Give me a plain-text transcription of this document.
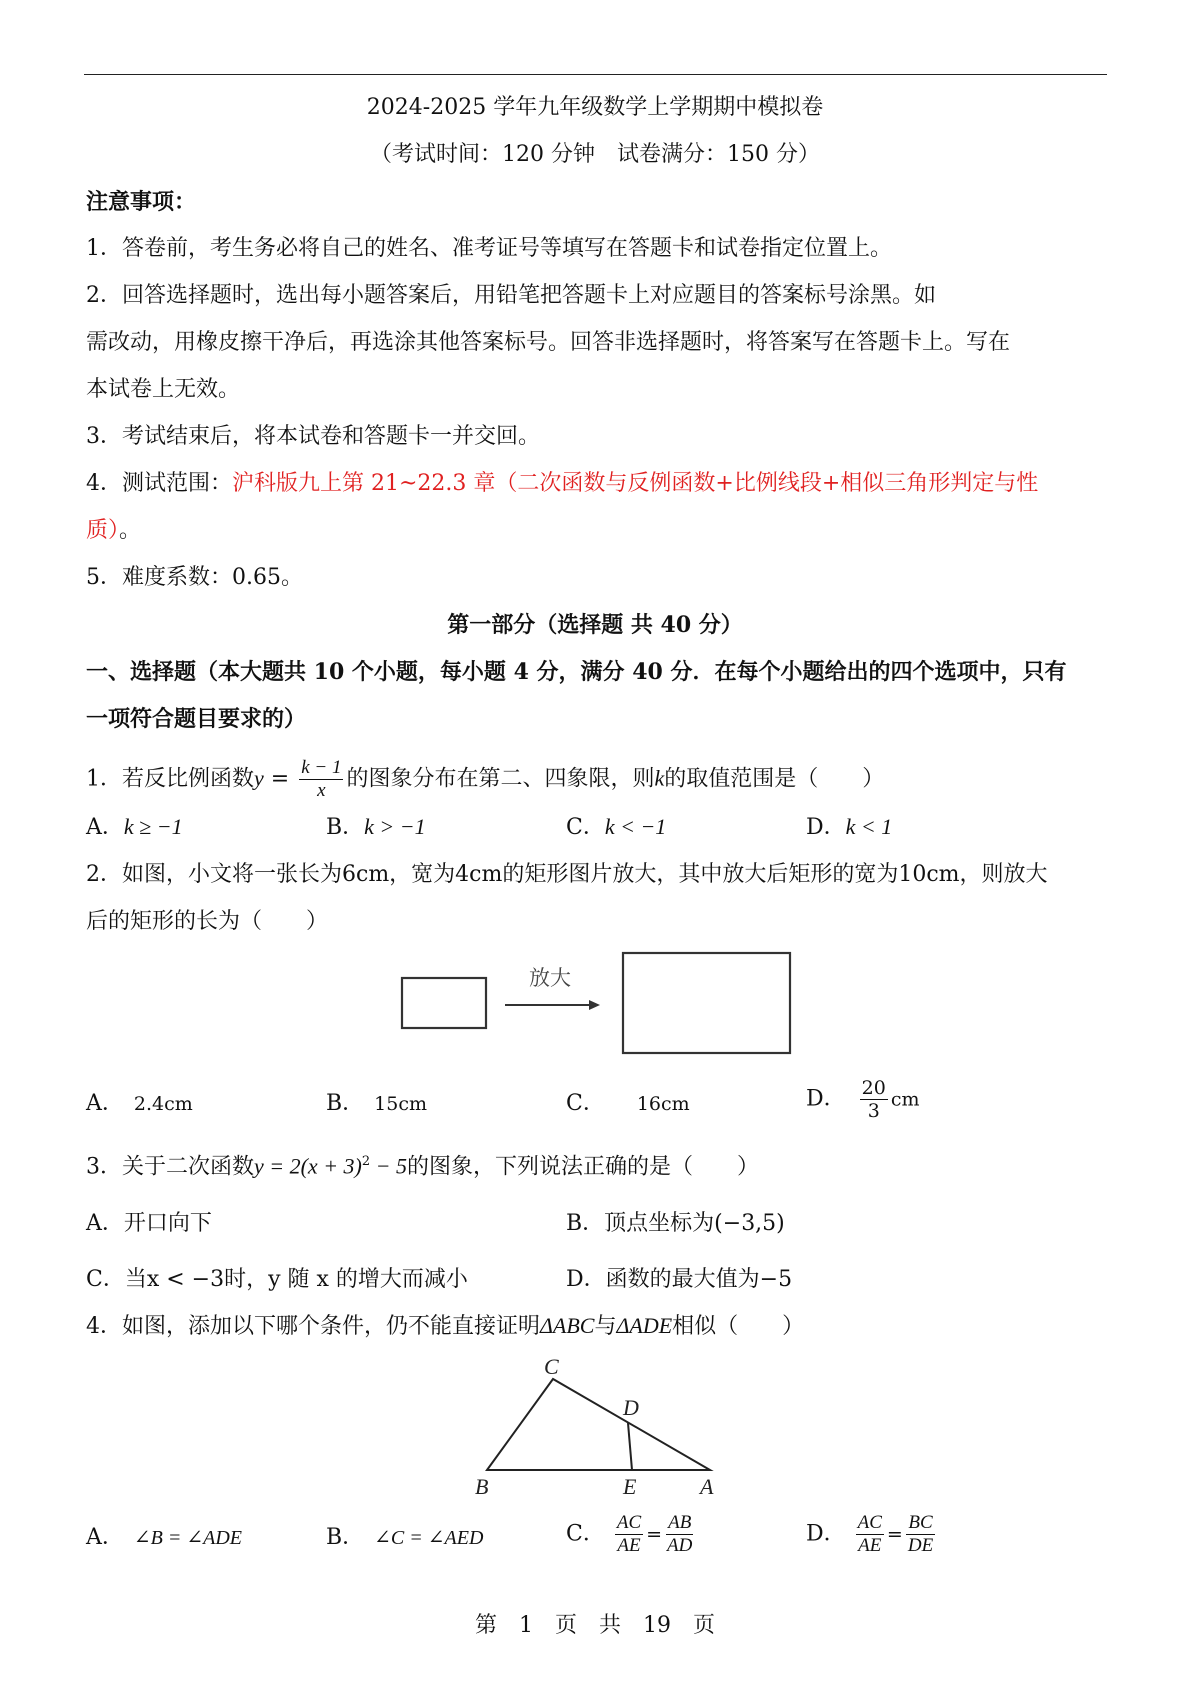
2024-2025 学年九年级数学上学期期中模拟卷
（考试时间：120 分钟　试卷满分：150 分）
注意事项：
1．答卷前，考生务必将自己的姓名、准考证号等填写在答题卡和试卷指定位置上。
2．回答选择题时，选出每小题答案后，用铅笔把答题卡上对应题目的答案标号涂黑。如
需改动，用橡皮擦干净后，再选涂其他答案标号。回答非选择题时，将答案写在答题卡上。写在
本试卷上无效。
3．考试结束后，将本试卷和答题卡一并交回。
4．测试范围：沪科版九上第 21~22.3 章（二次函数与反例函数+比例线段+相似三角形判定与性
质）。
5．难度系数：0.65。
第一部分（选择题 共 40 分）
一、选择题（本大题共 10 个小题，每小题 4 分，满分 40 分．在每个小题给出的四个选项中，只有
一项符合题目要求的）
1．若反比例函数$y = \frac{k - 1}{x}$ 的图象分布在第二、四象限，则k的取值范围是（　　）
A．k ≥ −1	B．k > −1	C．k < −1	D．k < 1
2．如图，小文将一张长为6cm，宽为4cm的矩形图片放大，其中放大后矩形的宽为10cm，则放大
后的矩形的长为（　　）
放大
A． 2.4cm	B． 15cm	C． 16cm	D． $\frac{20}{3}$ cm
3．关于二次函数$y = 2(x + 3)^2 - 5$的图象，下列说法正确的是（　　）
A．开口向下	B．顶点坐标为(−3,5)
C．当x < −3时，y 随 x 的增大而减小	D．函数的最大值为−5
4．如图，添加以下哪个条件，仍不能直接证明ΔABC与ΔADE相似（　　）
C
D
B	E	A
A． ∠B = ∠ADE	B． ∠C = ∠AED	C． $\frac{AC}{AE} = \frac{AB}{AD}$	D． $\frac{AC}{AE} = \frac{BC}{DE}$
第　1　页　共　19　页
